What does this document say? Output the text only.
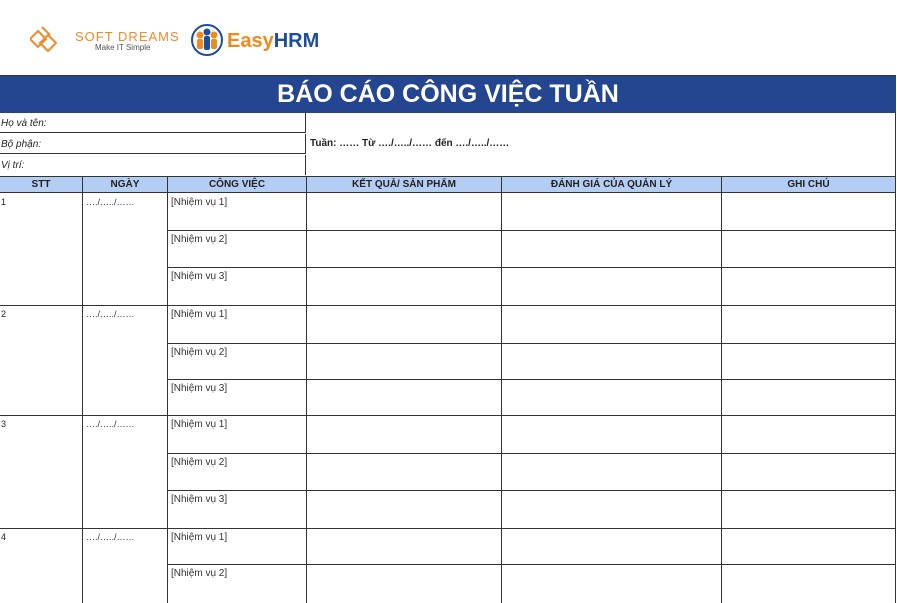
SOFT DREAMS
Make IT Simple	EasyHRM
BÁO CÁO CÔNG VIỆC TUẦN
Họ và tên:
Bộ phận:
Vị trí:
Tuần: …… Từ …./…../…… đến …./…../……
STT	NGÀY	CÔNG VIỆC	KẾT QUẢ/ SẢN PHẨM	ĐÁNH GIÁ CỦA QUẢN LÝ	GHI CHÚ
1	…./…../……	[Nhiệm vụ 1]
[Nhiệm vụ 2]
[Nhiệm vụ 3]
2	…./…../……	[Nhiệm vụ 1]
[Nhiệm vụ 2]
[Nhiệm vụ 3]
3	…./…../……	[Nhiệm vụ 1]
[Nhiệm vụ 2]
[Nhiệm vụ 3]
4	…./…../……	[Nhiệm vụ 1]
[Nhiệm vụ 2]
